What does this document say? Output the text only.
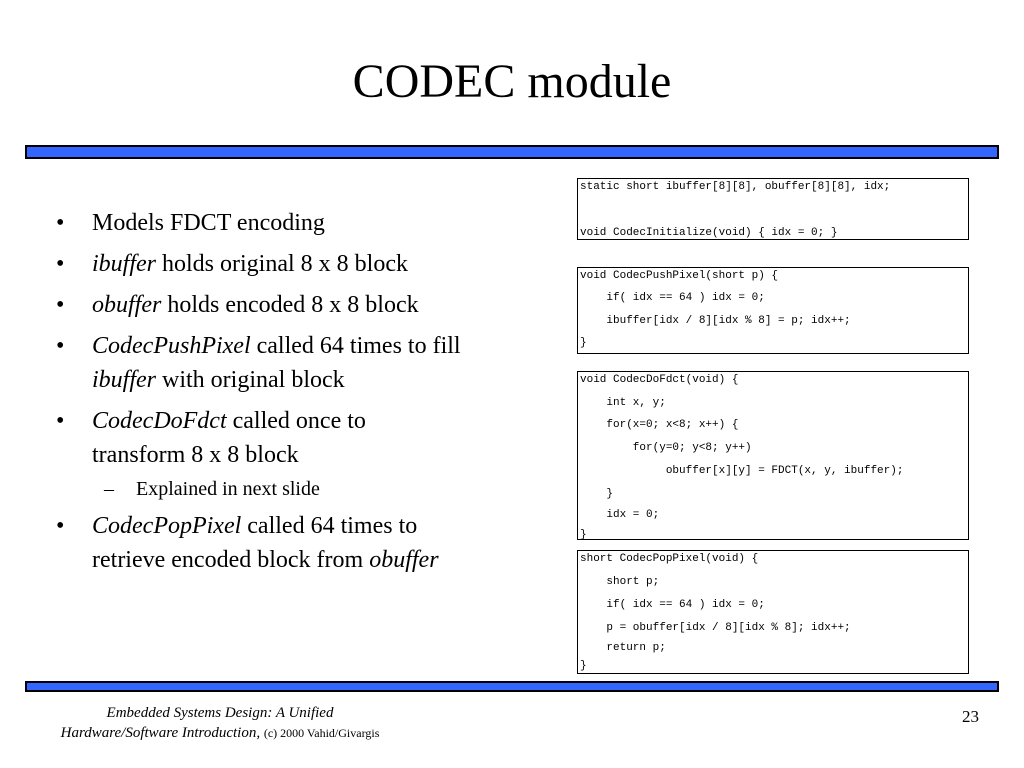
CODEC module
• Models FDCT encoding
• ibuffer holds original 8 x 8 block
• obuffer holds encoded 8 x 8 block
• CodecPushPixel called 64 times to fill
ibuffer with original block
• CodecDoFdct called once to
transform 8 x 8 block
– Explained in next slide
• CodecPopPixel called 64 times to
retrieve encoded block from obuffer
static short ibuffer[8][8], obuffer[8][8], idx;
void CodecInitialize(void) { idx = 0; }
void CodecPushPixel(short p) {
if( idx == 64 ) idx = 0;
ibuffer[idx / 8][idx % 8] = p; idx++;
}
void CodecDoFdct(void) {
int x, y;
for(x=0; x<8; x++) {
for(y=0; y<8; y++)
obuffer[x][y] = FDCT(x, y, ibuffer);
}
idx = 0;
}
short CodecPopPixel(void) {
short p;
if( idx == 64 ) idx = 0;
p = obuffer[idx / 8][idx % 8]; idx++;
return p;
}
Embedded Systems Design: A Unified
Hardware/Software Introduction, (c) 2000 Vahid/Givargis
23
